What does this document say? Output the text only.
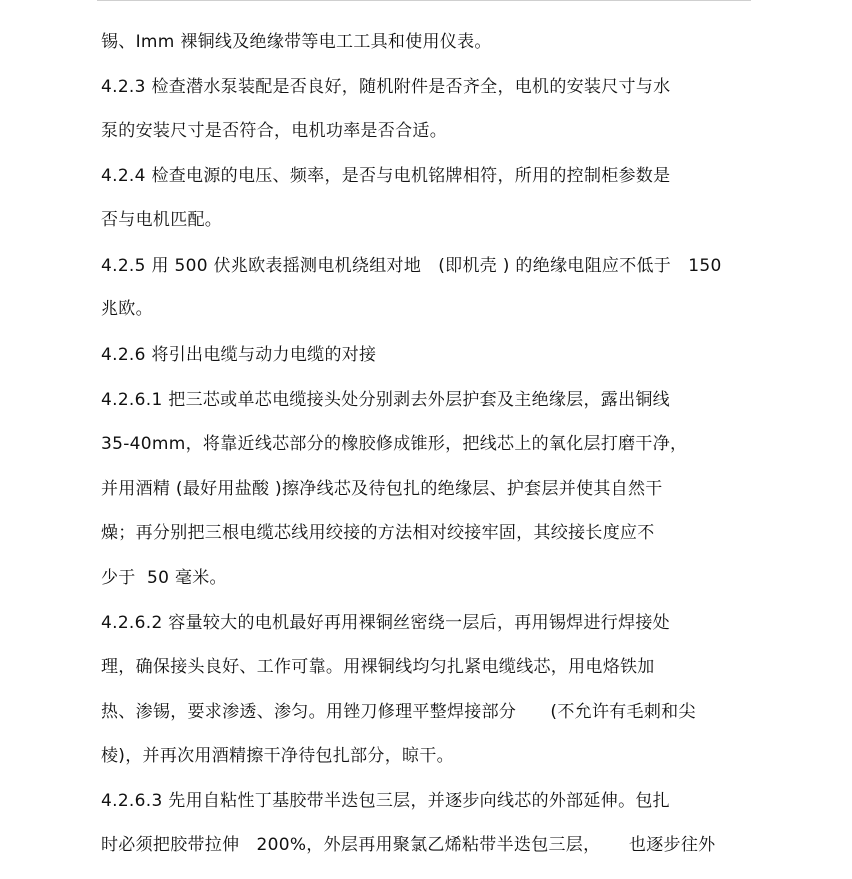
锡、Imm 裸铜线及绝缘带等电工工具和使用仪表。
4.2.3 检查潜水泵装配是否良好，随机附件是否齐全，电机的安装尺寸与水
泵的安装尺寸是否符合，电机功率是否合适。
4.2.4 检查电源的电压、频率，是否与电机铭牌相符，所用的控制柜参数是
否与电机匹配。
4.2.5 用 500 伏兆欧表摇测电机绕组对地   (即机壳 ) 的绝缘电阻应不低于   150
兆欧。
4.2.6 将引出电缆与动力电缆的对接
4.2.6.1 把三芯或单芯电缆接头处分别剥去外层护套及主绝缘层，露出铜线
35-40mm，将靠近线芯部分的橡胶修成锥形，把线芯上的氧化层打磨干净，
并用酒精 (最好用盐酸 )擦净线芯及待包扎的绝缘层、护套层并使其自然干
燥；再分别把三根电缆芯线用绞接的方法相对绞接牢固，其绞接长度应不
少于  50 毫米。
4.2.6.2 容量较大的电机最好再用裸铜丝密绕一层后，再用锡焊进行焊接处
理，确保接头良好、工作可靠。用裸铜线均匀扎紧电缆线芯，用电烙铁加
热、渗锡，要求渗透、渗匀。用锉刀修理平整焊接部分      (不允许有毛刺和尖
棱)，并再次用酒精擦干净待包扎部分，晾干。
4.2.6.3 先用自粘性丁基胶带半迭包三层，并逐步向线芯的外部延伸。包扎
时必须把胶带拉伸   200%，外层再用聚氯乙烯粘带半迭包三层，     也逐步往外
